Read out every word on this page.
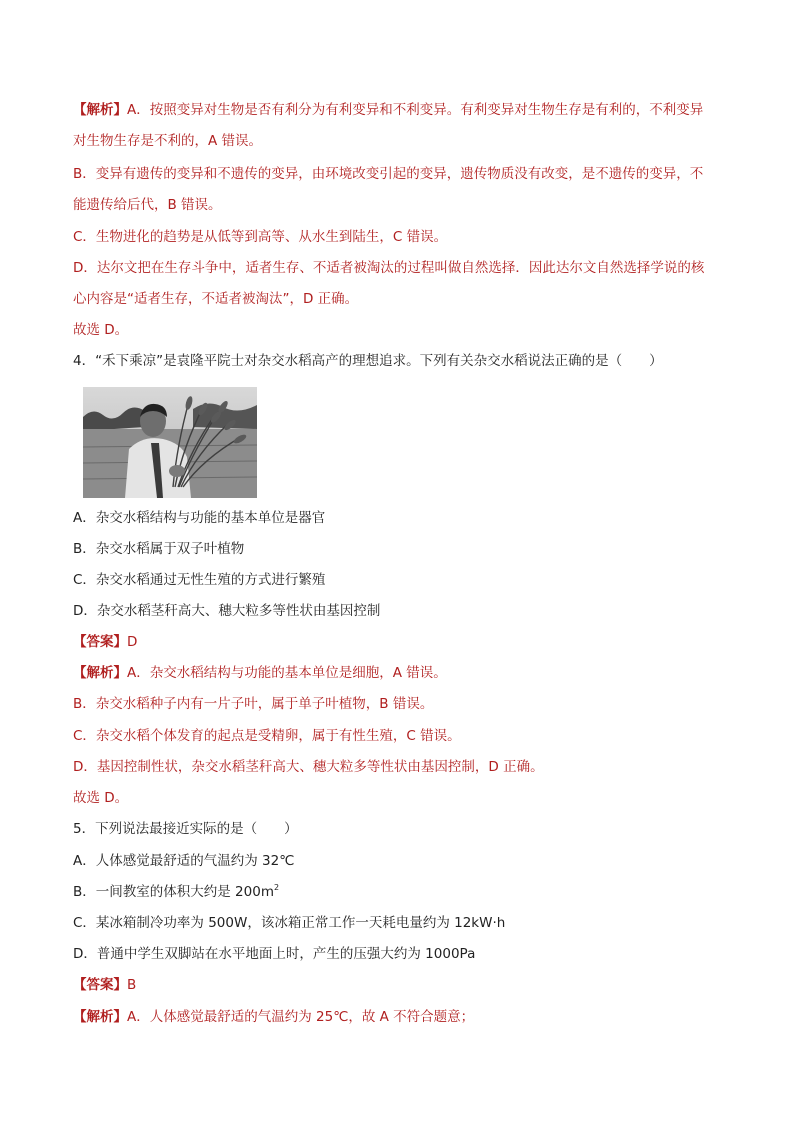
【解析】A．按照变异对生物是否有利分为有利变异和不利变异。有利变异对生物生存是有利的，不利变异
对生物生存是不利的，A 错误。
B．变异有遗传的变异和不遗传的变异，由环境改变引起的变异，遗传物质没有改变，是不遗传的变异，不
能遗传给后代，B 错误。
C．生物进化的趋势是从低等到高等、从水生到陆生，C 错误。
D．达尔文把在生存斗争中，适者生存、不适者被淘汰的过程叫做自然选择．因此达尔文自然选择学说的核
心内容是“适者生存，不适者被淘汰”，D 正确。
故选 D。
4．“禾下乘凉”是袁隆平院士对杂交水稻高产的理想追求。下列有关杂交水稻说法正确的是（　　）
A．杂交水稻结构与功能的基本单位是器官
B．杂交水稻属于双子叶植物
C．杂交水稻通过无性生殖的方式进行繁殖
D．杂交水稻茎秆高大、穗大粒多等性状由基因控制
【答案】D
【解析】A．杂交水稻结构与功能的基本单位是细胞，A 错误。
B．杂交水稻种子内有一片子叶，属于单子叶植物，B 错误。
C．杂交水稻个体发育的起点是受精卵，属于有性生殖，C 错误。
D．基因控制性状，杂交水稻茎秆高大、穗大粒多等性状由基因控制，D 正确。
故选 D。
5．下列说法最接近实际的是（　　）
A．人体感觉最舒适的气温约为 32℃
B．一间教室的体积大约是 $200m^2$
C．某冰箱制冷功率为 500W，该冰箱正常工作一天耗电量约为 12kW·h
D．普通中学生双脚站在水平地面上时，产生的压强大约为 1000Pa
【答案】B
【解析】A．人体感觉最舒适的气温约为 25℃，故 A 不符合题意；
